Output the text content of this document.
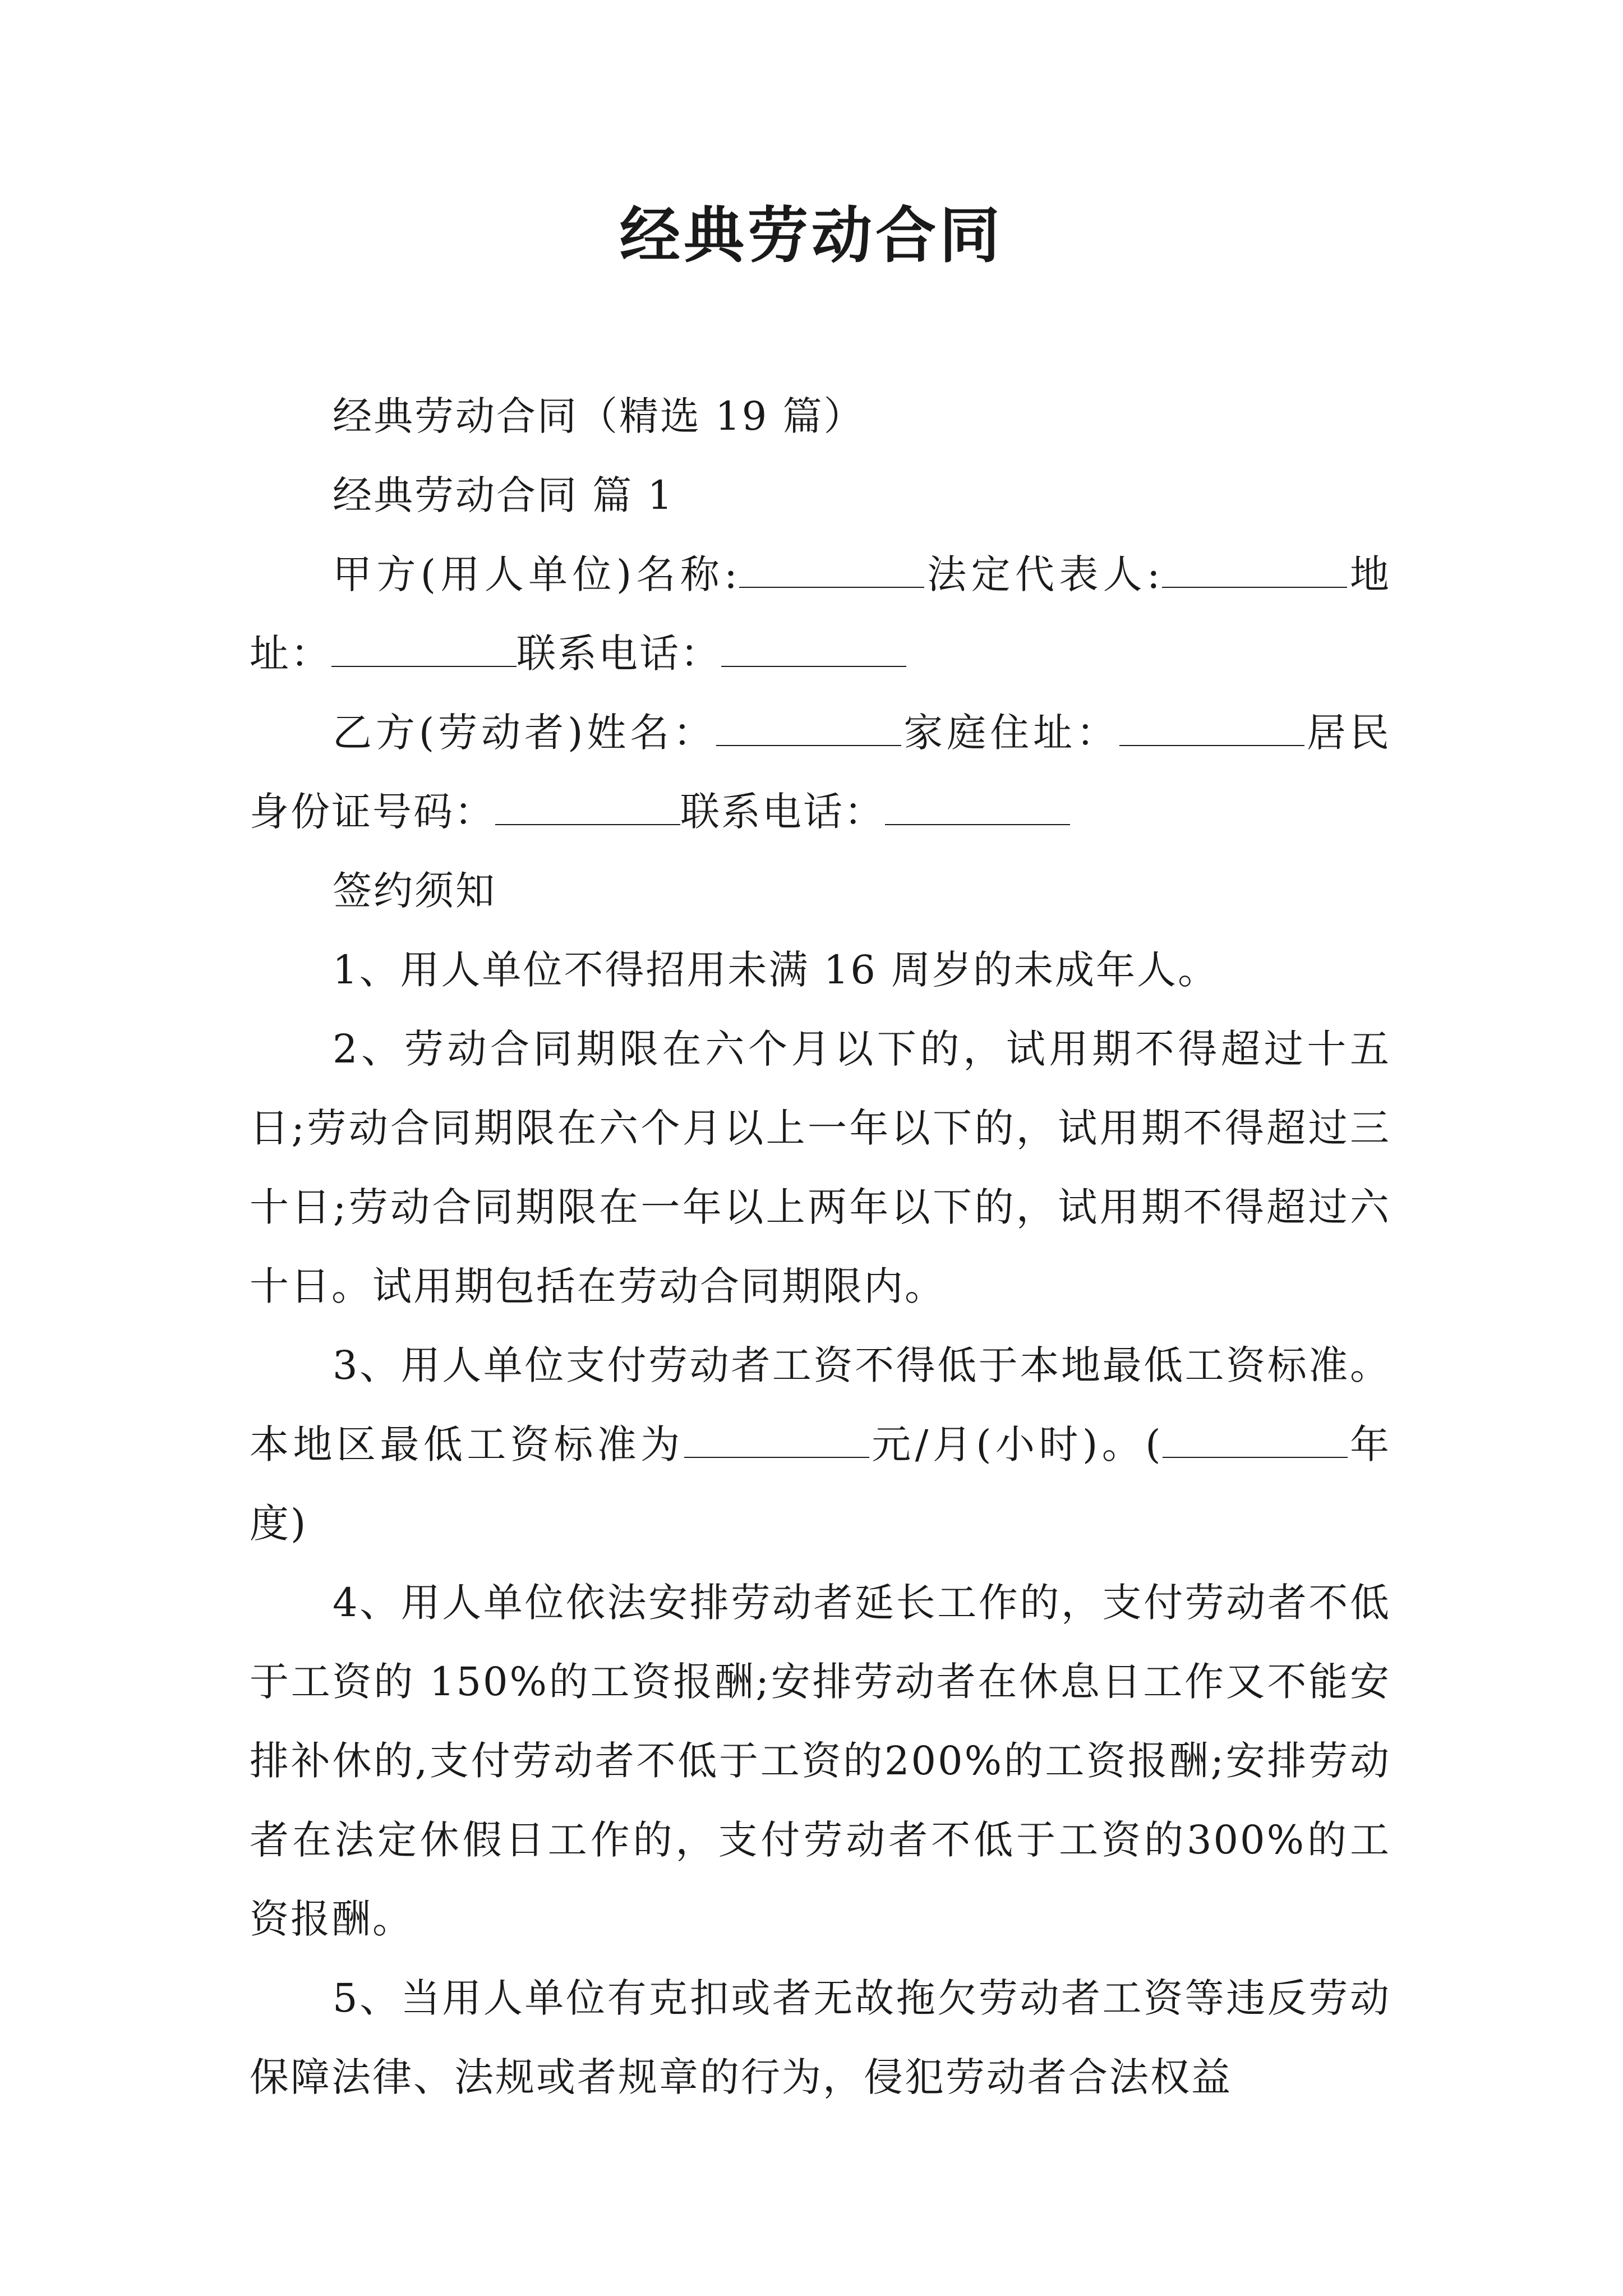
经典劳动合同

经典劳动合同（精选 19 篇）

经典劳动合同 篇 1

甲方(用人单位)名称:	法定代表人:	地址：	联系电话：

乙方(劳动者)姓名：	家庭住址：	居民身份证号码：	联系电话：

签约须知

1、用人单位不得招用未满 16 周岁的未成年人。

2、劳动合同期限在六个月以下的，试用期不得超过十五日;劳动合同期限在六个月以上一年以下的，试用期不得超过三十日;劳动合同期限在一年以上两年以下的，试用期不得超过六十日。试用期包括在劳动合同期限内。

3、用人单位支付劳动者工资不得低于本地最低工资标准。本地区最低工资标准为	元/月(小时)。(	年度)

4、用人单位依法安排劳动者延长工作的，支付劳动者不低于工资的 150%的工资报酬;安排劳动者在休息日工作又不能安排补休的,支付劳动者不低于工资的200%的工资报酬;安排劳动者在法定休假日工作的，支付劳动者不低于工资的300%的工资报酬。

5、当用人单位有克扣或者无故拖欠劳动者工资等违反劳动保障法律、法规或者规章的行为，侵犯劳动者合法权益
